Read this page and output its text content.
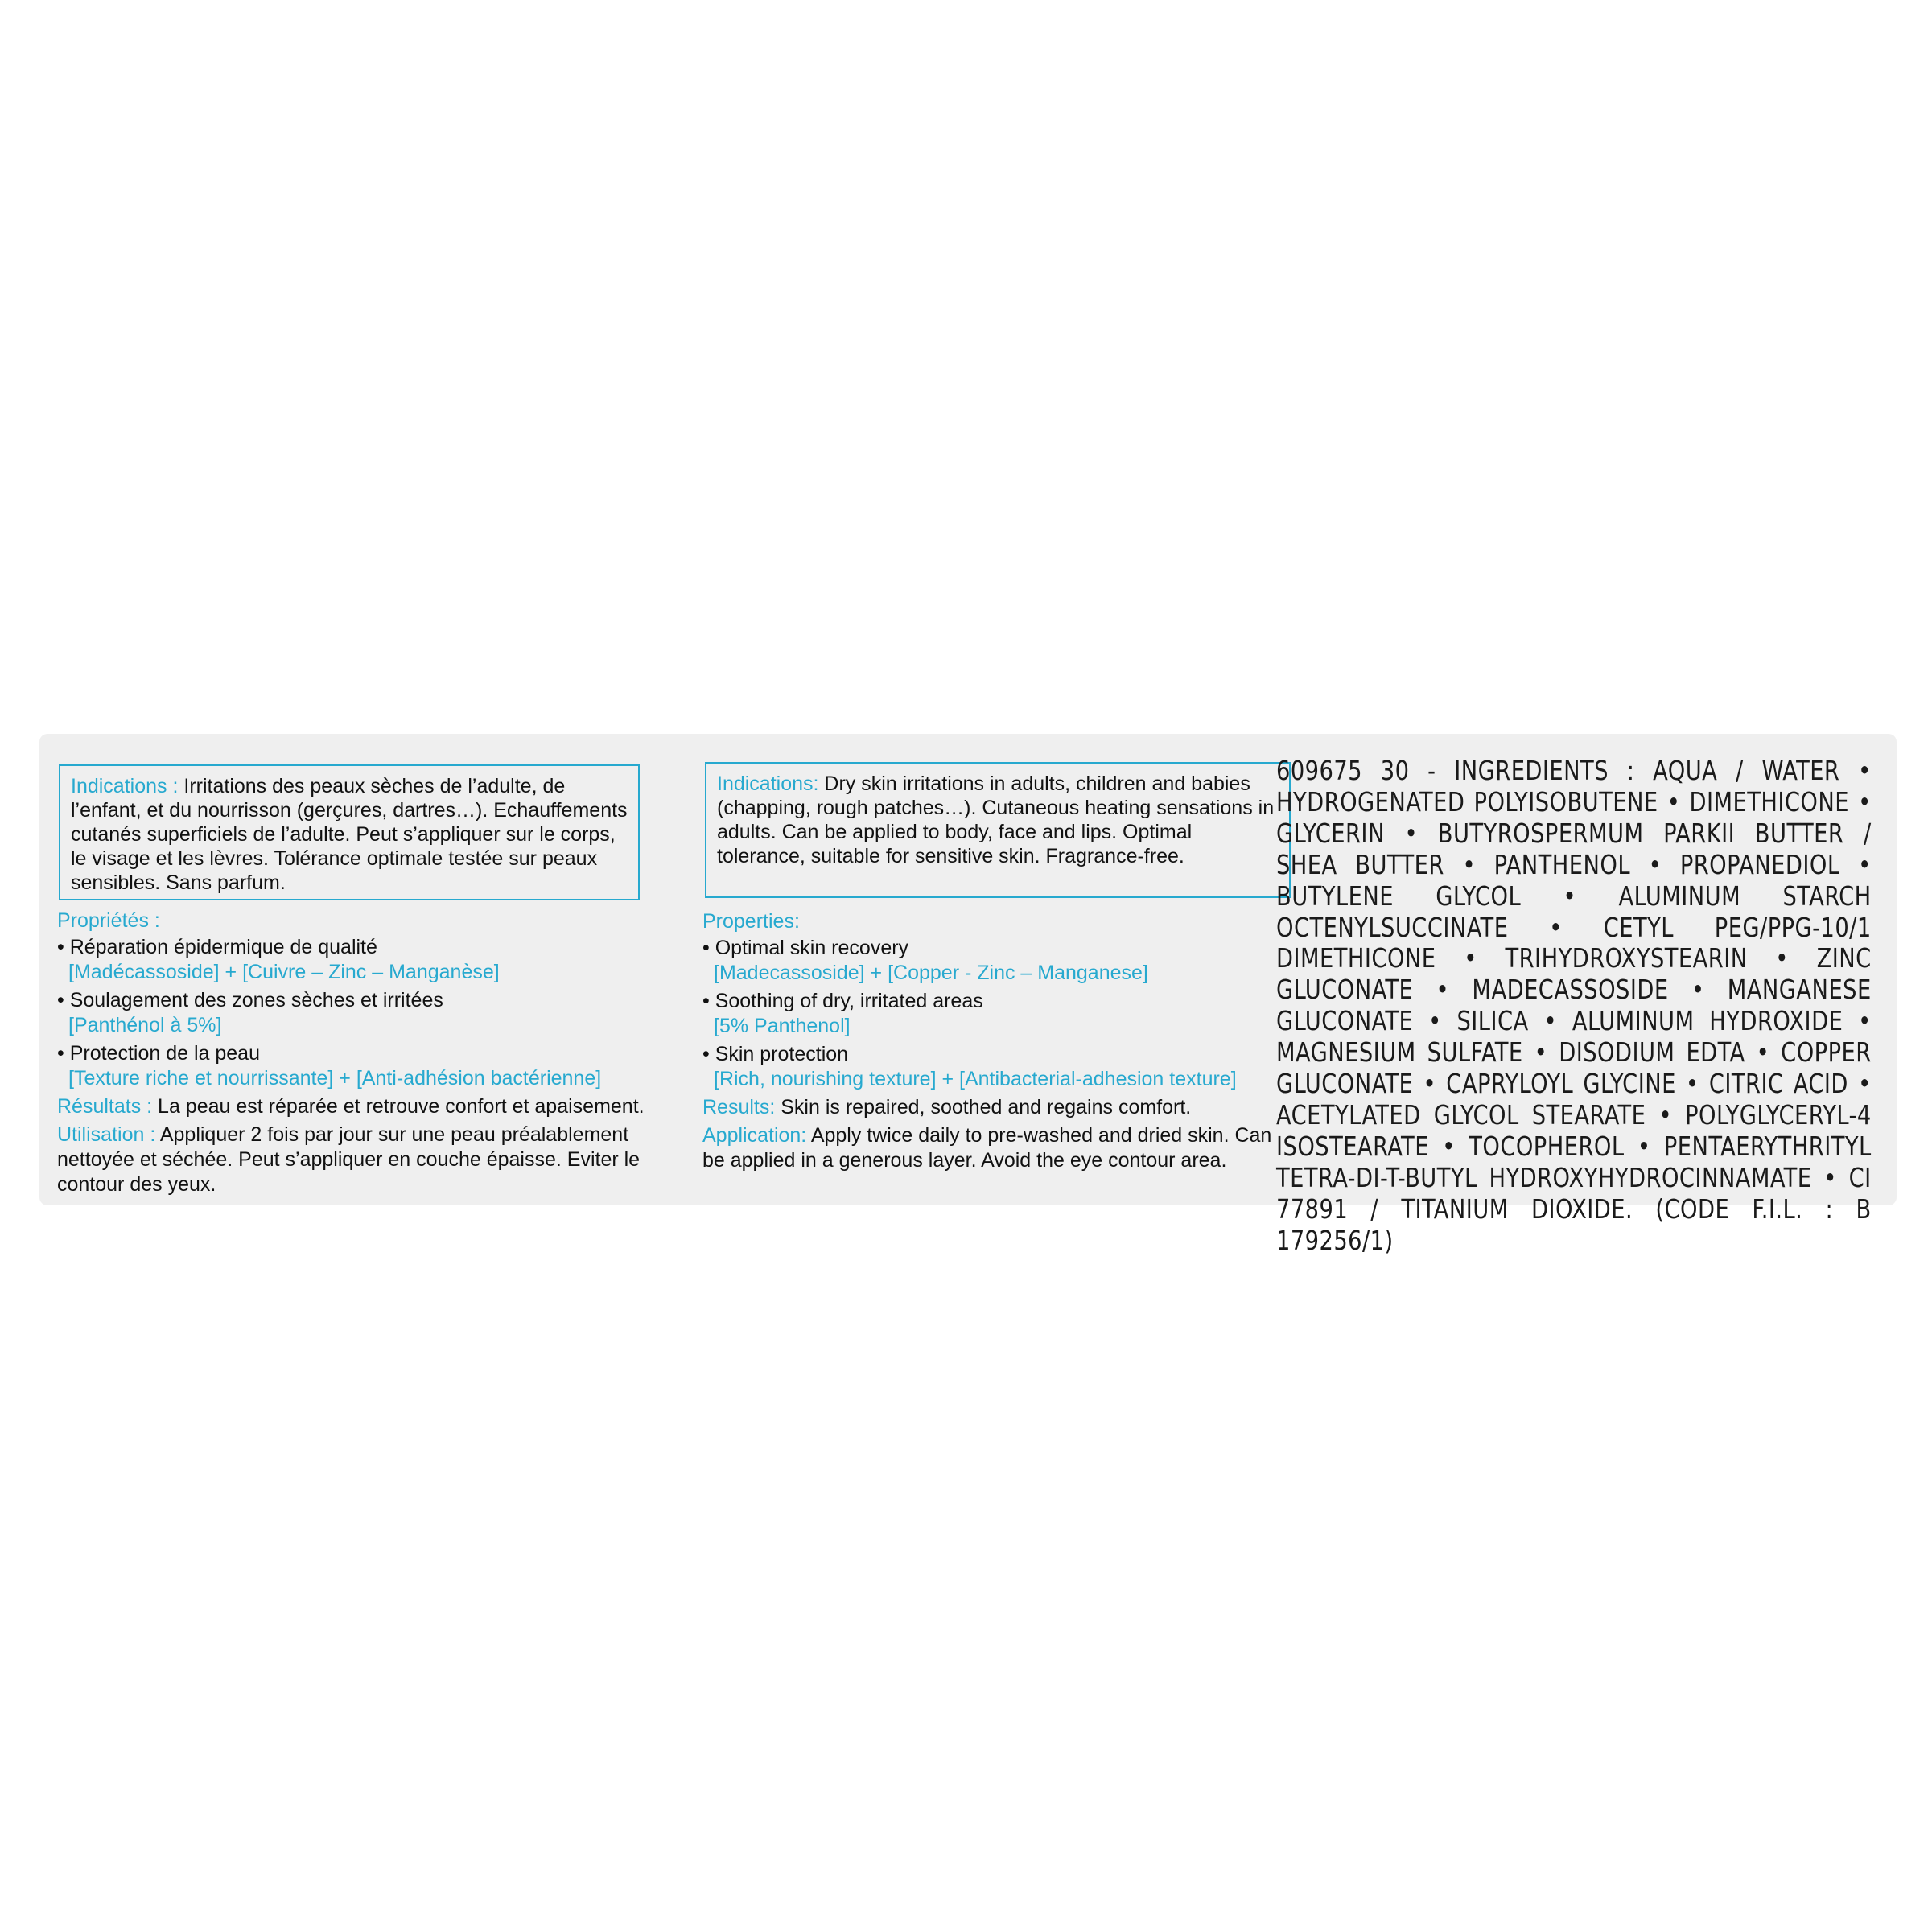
Indications : Irritations des peaux sèches de l’adulte, de l’enfant, et du nourrisson (gerçures, dartres…). Echauffements cutanés superficiels de l’adulte. Peut s’appliquer sur le corps, le visage et les lèvres. Tolérance optimale testée sur peaux sensibles. Sans parfum.
Propriétés :
• Réparation épidermique de qualité
[Madécassoside] + [Cuivre – Zinc – Manganèse]
• Soulagement des zones sèches et irritées
[Panthénol à 5%]
• Protection de la peau
[Texture riche et nourrissante] + [Anti-adhésion bactérienne]
Résultats : La peau est réparée et retrouve confort et apaisement.
Utilisation : Appliquer 2 fois par jour sur une peau préalablement nettoyée et séchée. Peut s’appliquer en couche épaisse. Eviter le contour des yeux.
Indications: Dry skin irritations in adults, children and babies (chapping, rough patches…). Cutaneous heating sensations in adults. Can be applied to body, face and lips. Optimal tolerance, suitable for sensitive skin. Fragrance-free.
Properties:
• Optimal skin recovery
[Madecassoside] + [Copper - Zinc – Manganese]
• Soothing of dry, irritated areas
[5% Panthenol]
• Skin protection
[Rich, nourishing texture] + [Antibacterial-adhesion texture]
Results: Skin is repaired, soothed and regains comfort.
Application: Apply twice daily to pre-washed and dried skin. Can be applied in a generous layer. Avoid the eye contour area.
609675 30 - INGREDIENTS : AQUA / WATER • HYDROGENATED POLYISOBUTENE • DIMETHICONE • GLYCERIN • BUTYROSPERMUM PARKII BUTTER / SHEA BUTTER • PANTHENOL • PROPANEDIOL • BUTYLENE GLYCOL • ALUMINUM STARCH OCTENYLSUCCINATE • CETYL PEG/PPG-10/1 DIMETHICONE • TRIHYDROXYSTEARIN • ZINC GLUCONATE • MADECASSOSIDE • MANGANESE GLUCONATE • SILICA • ALUMINUM HYDROXIDE • MAGNESIUM SULFATE • DISODIUM EDTA • COPPER GLUCONATE • CAPRYLOYL GLYCINE • CITRIC ACID • ACETYLATED GLYCOL STEARATE • POLYGLYCERYL-4 ISOSTEARATE • TOCOPHEROL • PENTAERYTHRITYL TETRA-DI-T-BUTYL HYDROXYHYDROCINNAMATE • CI 77891 / TITANIUM DIOXIDE. (CODE F.I.L. : B 179256/1)
